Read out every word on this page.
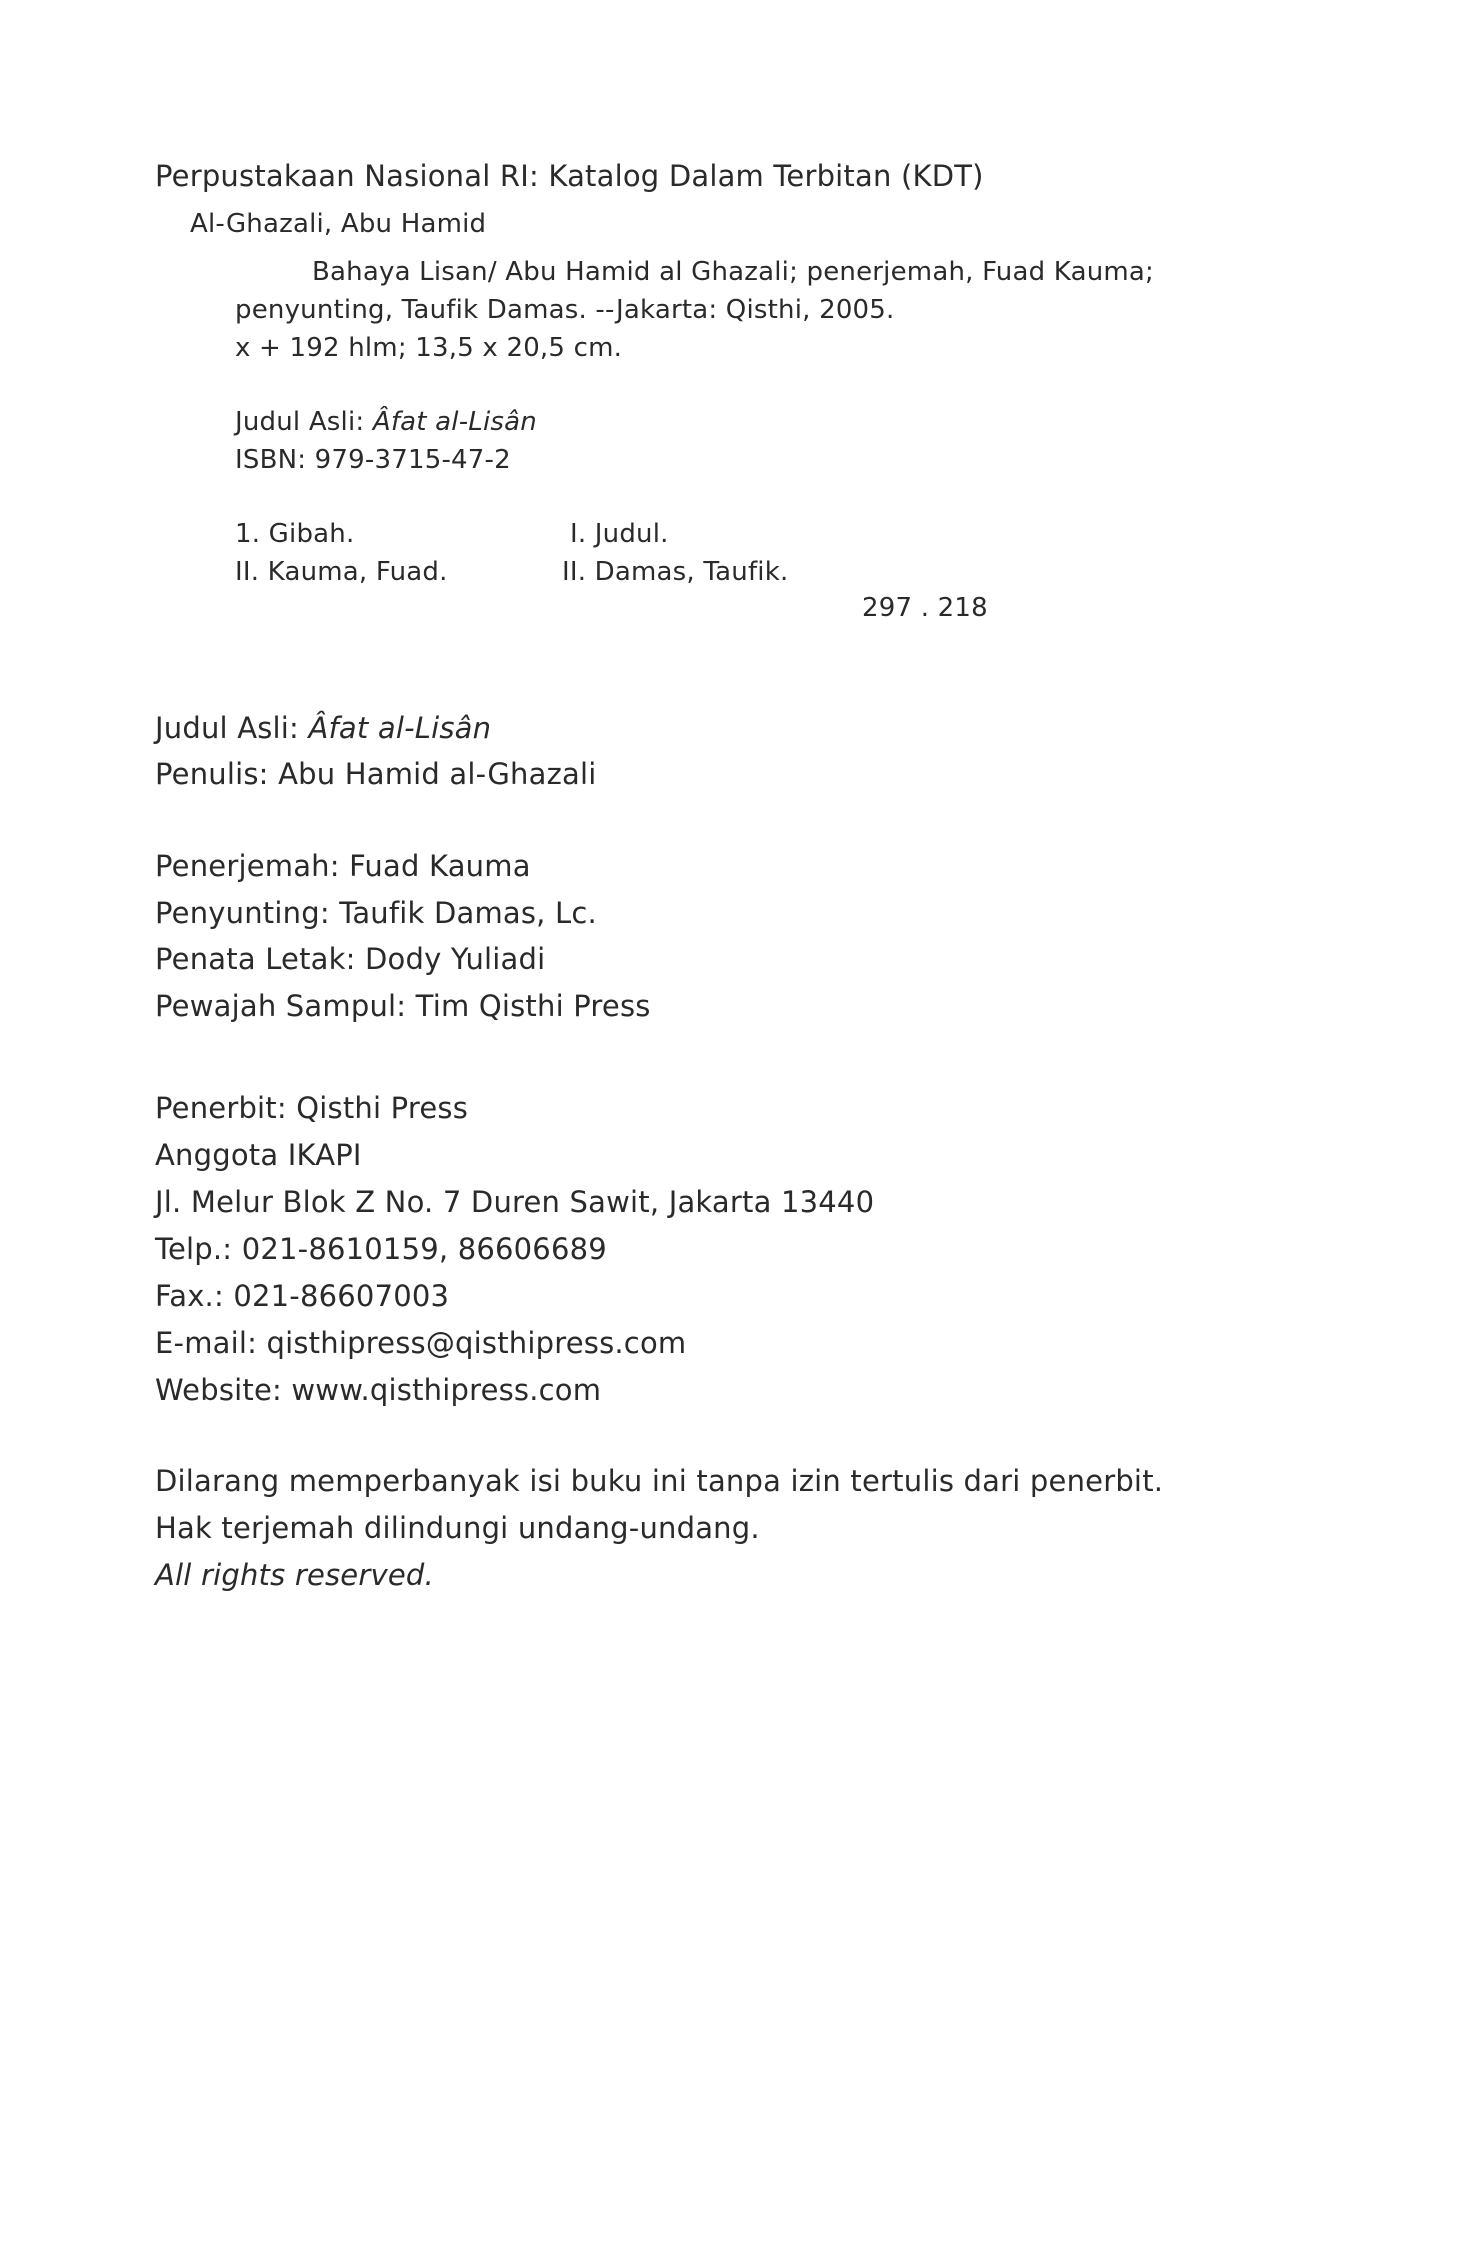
Perpustakaan Nasional RI: Katalog Dalam Terbitan (KDT)
Al-Ghazali, Abu Hamid
Bahaya Lisan/ Abu Hamid al Ghazali; penerjemah, Fuad Kauma;
penyunting, Taufik Damas. --Jakarta: Qisthi, 2005.
x + 192 hlm; 13,5 x 20,5 cm.
Judul Asli: Âfat al-Lisân
ISBN: 979-3715-47-2
1. Gibah.	I. Judul.
II. Kauma, Fuad.	II. Damas, Taufik.
297 . 218
Judul Asli: Âfat al-Lisân
Penulis: Abu Hamid al-Ghazali
Penerjemah: Fuad Kauma
Penyunting: Taufik Damas, Lc.
Penata Letak: Dody Yuliadi
Pewajah Sampul: Tim Qisthi Press
Penerbit: Qisthi Press
Anggota IKAPI
Jl. Melur Blok Z No. 7 Duren Sawit, Jakarta 13440
Telp.: 021-8610159, 86606689
Fax.: 021-86607003
E-mail: qisthipress@qisthipress.com
Website: www.qisthipress.com
Dilarang memperbanyak isi buku ini tanpa izin tertulis dari penerbit.
Hak terjemah dilindungi undang-undang.
All rights reserved.
